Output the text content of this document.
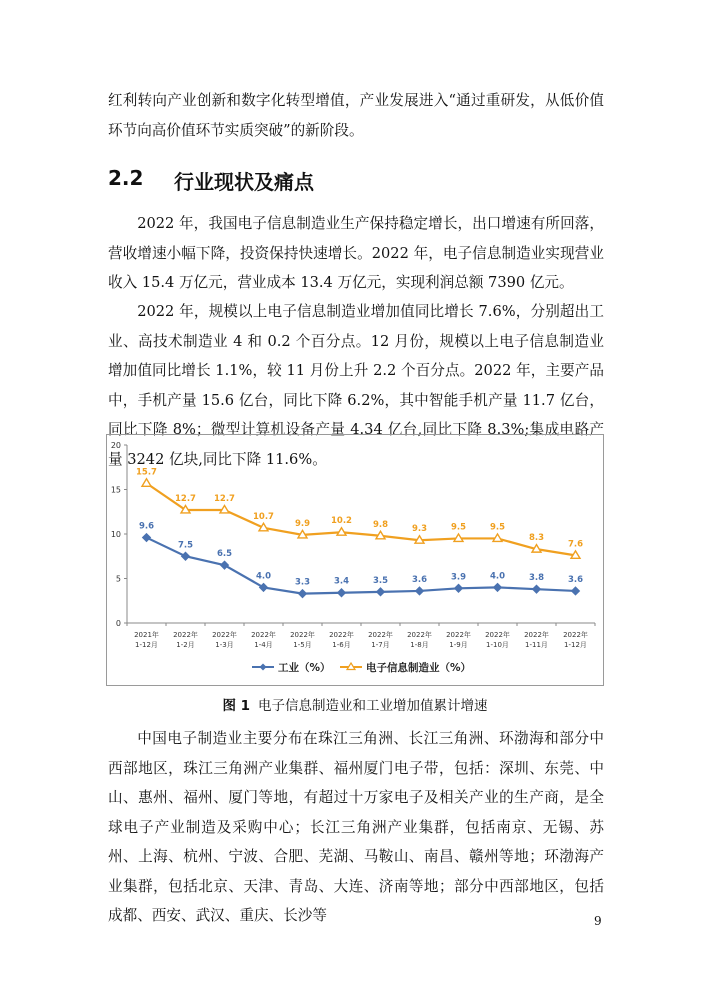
红利转向产业创新和数字化转型增值，产业发展进入“通过重研发，从低价值环节向高价值环节实质突破”的新阶段。

2.2 行业现状及痛点

2022 年，我国电子信息制造业生产保持稳定增长，出口增速有所回落，营收增速小幅下降，投资保持快速增长。2022 年，电子信息制造业实现营业收入 15.4 万亿元，营业成本 13.4 万亿元，实现利润总额 7390 亿元。

2022 年，规模以上电子信息制造业增加值同比增长 7.6%，分别超出工业、高技术制造业 4 和 0.2 个百分点。12 月份，规模以上电子信息制造业增加值同比增长 1.1%，较 11 月份上升 2.2 个百分点。2022 年，主要产品中，手机产量 15.6 亿台，同比下降 6.2%，其中智能手机产量 11.7 亿台，同比下降 8%；微型计算机设备产量 4.34 亿台,同比下降 8.3%;集成电路产量 3242 亿块,同比下降 11.6%。

0
5
10
15
20
2021年
1-12月
2022年
1-2月
2022年
1-3月
2022年
1-4月
2022年
1-5月
2022年
1-6月
2022年
1-7月
2022年
1-8月
2022年
1-9月
2022年
1-10月
2022年
1-11月
2022年
1-12月
9.6
7.5
6.5
4.0
3.3	3.4	3.5	3.6	3.9	4.0	3.8	3.6
15.7
12.7 12.7
10.7
9.9 10.2 9.8	9.3	9.5	9.5
8.3
7.6
工业（%）	电子信息制造业（%）
图 1 电子信息制造业和工业增加值累计增速

中国电子制造业主要分布在珠江三角洲、长江三角洲、环渤海和部分中西部地区，珠江三角洲产业集群、福州厦门电子带，包括：深圳、东莞、中山、惠州、福州、厦门等地，有超过十万家电子及相关产业的生产商，是全球电子产业制造及采购中心；长江三角洲产业集群，包括南京、无锡、苏州、上海、杭州、宁波、合肥、芜湖、马鞍山、南昌、赣州等地；环渤海产业集群，包括北京、天津、青岛、大连、济南等地；部分中西部地区，包括成都、西安、武汉、重庆、长沙等	9
